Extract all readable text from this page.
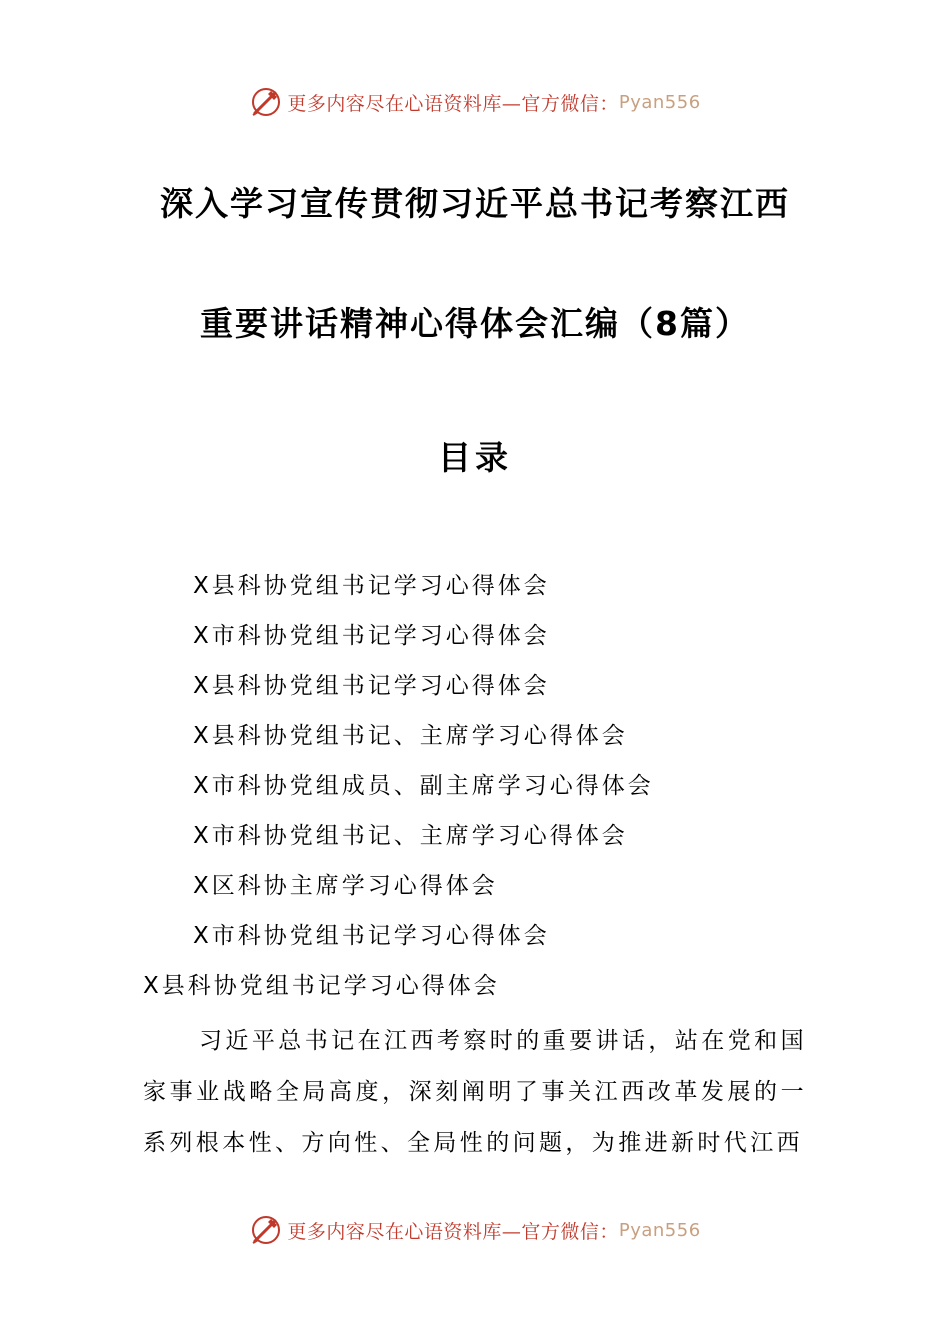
更多内容尽在心语资料库—官方微信： Pyan556
深入学习宣传贯彻习近平总书记考察江西
重要讲话精神心得体会汇编（8篇）
目录
X县科协党组书记学习心得体会
X市科协党组书记学习心得体会
X县科协党组书记学习心得体会
X县科协党组书记、主席学习心得体会
X市科协党组成员、副主席学习心得体会
X市科协党组书记、主席学习心得体会
X区科协主席学习心得体会
X市科协党组书记学习心得体会
X县科协党组书记学习心得体会

习近平总书记在江西考察时的重要讲话，站在党和国家事业战略全局高度，深刻阐明了事关江西改革发展的一系列根本性、方向性、全局性的问题，为推进新时代江西

更多内容尽在心语资料库—官方微信： Pyan556
